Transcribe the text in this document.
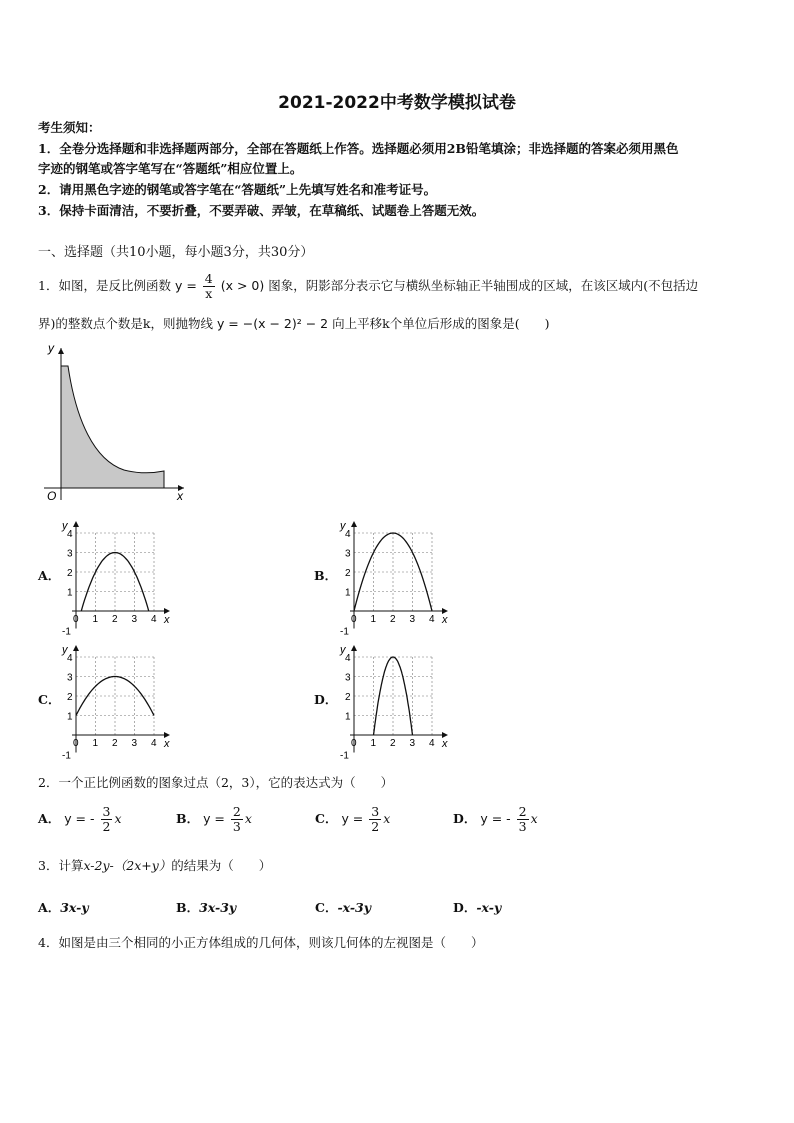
2021-2022中考数学模拟试卷
考生须知：
1．全卷分选择题和非选择题两部分，全部在答题纸上作答。选择题必须用2B铅笔填涂；非选择题的答案必须用黑色
字迹的钢笔或答字笔写在“答题纸”相应位置上。
2．请用黑色字迹的钢笔或答字笔在“答题纸”上先填写姓名和准考证号。
3．保持卡面清洁，不要折叠，不要弄破、弄皱，在草稿纸、试题卷上答题无效。
一、选择题（共10小题，每小题3分，共30分）
1．如图，是反比例函数 $y = \frac{4}{x} (x > 0)$ 图象，阴影部分表示它与横纵坐标轴正半轴围成的区域，在该区域内(不包括边
界)的整数点个数是k，则抛物线 y = −(x − 2)² − 2 向上平移k个单位后形成的图象是(　　)
y
x
O
A．	B．
C．	D．
0 1 2 3 4
4
3
2
1
-1
x
y
0 1 2 3 4
4
3
2
1
-1
x
y
0 1 2 3 4
4
3
2
1
-1
x
y
0 1 2 3 4
4
3
2
1
-1
x
y
2．一个正比例函数的图象过点（2，3），它的表达式为（　　）
A． y = - $\frac{3}{2}$ x	B． $y = \frac{2}{3}$ x	C． $y = \frac{3}{2}$ x	D． y = - $\frac{2}{3}$ x
3．计算x-2y-（2x+y）的结果为（　　）
A．3x-y	B．3x-3y	C．-x-3y	D．-x-y
4．如图是由三个相同的小正方体组成的几何体，则该几何体的左视图是（　　）
